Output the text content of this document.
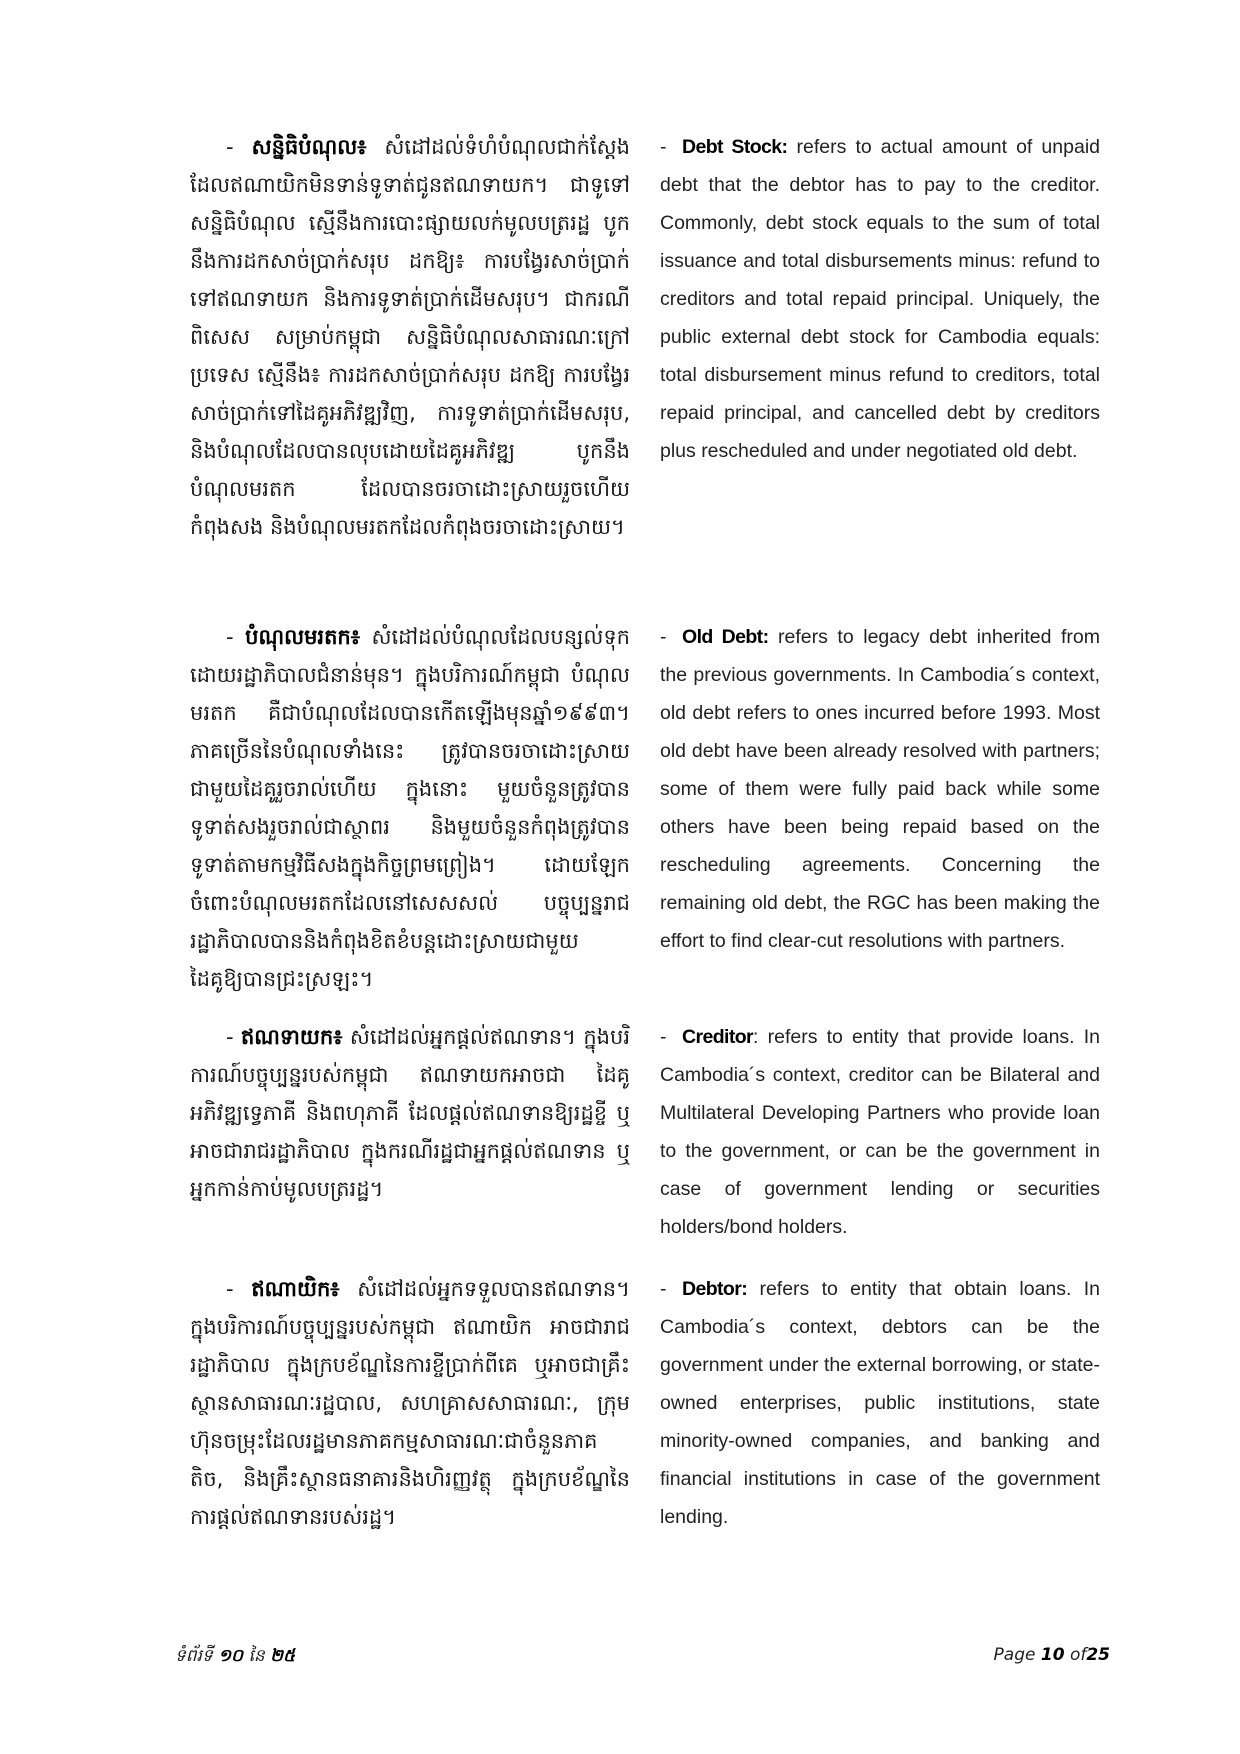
- សន្និធិបំណុល៖ សំដៅដល់ទំហំបំណុលជាក់ស្តែងដែលឥណាយិកមិនទាន់ទូទាត់ជូនឥណទាយក។ ជាទូទៅ សន្និធិបំណុល ស្មើនឹងការបោះផ្សាយលក់មូលបត្ររដ្ឋ បូកនឹងការដកសាច់ប្រាក់សរុប ដកឱ្យ៖ ការបង្វែរសាច់ប្រាក់ទៅឥណទាយក និងការទូទាត់ប្រាក់ដើមសរុប។ ជាករណីពិសេស សម្រាប់កម្ពុជា សន្និធិបំណុលសាធារណៈក្រៅប្រទេស ស្មើនឹង៖ ការដកសាច់ប្រាក់សរុប ដកឱ្យ ការបង្វែរសាច់ប្រាក់ទៅដៃគូអភិវឌ្ឍវិញ, ការទូទាត់ប្រាក់ដើមសរុប, និងបំណុលដែលបានលុបដោយដៃគូអភិវឌ្ឍ បូកនឹង បំណុលមរតក ដែលបានចរចាដោះស្រាយរួចហើយកំពុងសង និងបំណុលមរតកដែលកំពុងចរចាដោះស្រាយ។
- Debt Stock: refers to actual amount of unpaid debt that the debtor has to pay to the creditor. Commonly, debt stock equals to the sum of total issuance and total disbursements minus: refund to creditors and total repaid principal. Uniquely, the public external debt stock for Cambodia equals: total disbursement minus refund to creditors, total repaid principal, and cancelled debt by creditors plus rescheduled and under negotiated old debt.
- បំណុលមរតក៖ សំដៅដល់បំណុលដែលបន្សល់ទុកដោយរដ្ឋាភិបាលជំនាន់មុន។ ក្នុងបរិការណ៍កម្ពុជា បំណុលមរតក គឺជាបំណុលដែលបានកើតឡើងមុនឆ្នាំ១៩៩៣។ ភាគច្រើននៃបំណុលទាំងនេះ ត្រូវបានចរចាដោះស្រាយជាមួយដៃគូរួចរាល់ហើយ ក្នុងនោះ មួយចំនួនត្រូវបានទូទាត់សងរួចរាល់ជាស្ថាពរ និងមួយចំនួនកំពុងត្រូវបានទូទាត់តាមកម្មវិធីសងក្នុងកិច្ចព្រមព្រៀង។ ដោយឡែកចំពោះបំណុលមរតកដែលនៅសេសសល់ បច្ចុប្បន្នរាជរដ្ឋាភិបាលបាននិងកំពុងខិតខំបន្តដោះស្រាយជាមួយដៃគូឱ្យបានជ្រះស្រឡះ។
- Old Debt: refers to legacy debt inherited from the previous governments. In Cambodia´s context, old debt refers to ones incurred before 1993. Most old debt have been already resolved with partners; some of them were fully paid back while some others have been being repaid based on the rescheduling agreements. Concerning the remaining old debt, the RGC has been making the effort to find clear-cut resolutions with partners.
- ឥណទាយក៖ សំដៅដល់អ្នកផ្តល់ឥណទាន។ ក្នុងបរិការណ៍បច្ចុប្បន្នរបស់កម្ពុជា ឥណទាយកអាចជា ដៃគូអភិវឌ្ឍទ្វេភាគី និងពហុភាគី ដែលផ្តល់ឥណទានឱ្យរដ្ឋខ្ចី ឬអាចជារាជរដ្ឋាភិបាល ក្នុងករណីរដ្ឋជាអ្នកផ្តល់ឥណទាន ឬអ្នកកាន់កាប់មូលបត្ររដ្ឋ។
- Creditor: refers to entity that provide loans. In Cambodia´s context, creditor can be Bilateral and Multilateral Developing Partners who provide loan to the government, or can be the government in case of government lending or securities holders/bond holders.
- ឥណាយិក៖ សំដៅដល់អ្នកទទួលបានឥណទាន។ ក្នុងបរិការណ៍បច្ចុប្បន្នរបស់កម្ពុជា ឥណាយិក អាចជារាជរដ្ឋាភិបាល ក្នុងក្របខ័ណ្ឌនៃការខ្ចីប្រាក់ពីគេ ឬអាចជាគ្រឹះស្ថានសាធារណៈរដ្ឋបាល, សហគ្រាសសាធារណៈ, ក្រុមហ៊ុនចម្រុះដែលរដ្ឋមានភាគកម្មសាធារណៈជាចំនួនភាគតិច, និងគ្រឹះស្ថានធនាគារនិងហិរញ្ញវត្ថុ ក្នុងក្របខ័ណ្ឌនៃការផ្តល់ឥណទានរបស់រដ្ឋ។
- Debtor: refers to entity that obtain loans. In Cambodia´s context, debtors can be the government under the external borrowing, or state-owned enterprises, public institutions, state minority-owned companies, and banking and financial institutions in case of the government lending.
ទំព័រទី ១០ នៃ ២៥	Page 10 of25
